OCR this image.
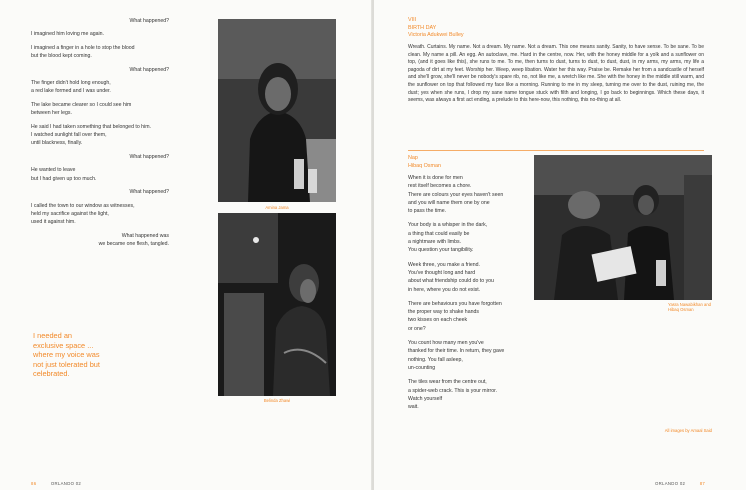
What happened?

I imagined him loving me again.

I imagined a finger in a hole to stop the blood

but the blood kept coming.

What happened?

The finger didn't hold long enough,

a red lake formed and I was under.

The lake became clearer so I could see him

between her legs.

He said I had taken something that belonged to him.

I watched sunlight fall over them,

until blackness, finally.

What happened?

He wanted to leave

but I had given up too much.

What happened?

I called the town to our window as witnesses,

held my sacrifice against the light,

used it against him.

What happened was

we became one flesh, tangled.

I needed an exclusive space ... where my voice was not just tolerated but celebrated.
Amina Jama
Belinda Zhawi
86	ORLANDO 02
VIII
BIRTH DAY
Victoria Adukwei Bulley
Wreath. Curtains. My name. Not a dream. My name. Not a dream. This one means sanity. Sanity, to have sense. To be sane. To be clean. My name a pill. An egg. An autoclave, me. Hard in the centre, now. Her, with the honey middle for a yolk and a sunflower on top, (and it goes like this), she runs to me. To me, then turns to dust, turns to dust, to dust, dust, in my arms, my arms, my life a pagoda of dirt at my feet. Worship her. Weep, weep libation. Water her this way. Praise be. Remake her from a sandcastle of herself and she'll grow, she'll never be nobody's spare rib, no, not like me, a wretch like me. She with the honey in the middle still warm, and the sunflower on top that followed my face like a morning. Running to me in my sleep, turning me over to the dust, ruining me, the dust; yes when she runs, I drop my sane name tongue stuck with filth and longing, I go back to beginnings. Which these days, it seems, was always a first act ending, a prelude to this here-now, this nothing, this no-thing at all.
Nap
Hibaq Osman

When it is done for men

rest itself becomes a chore.

There are colours your eyes haven't seen

and you will name them one by one

to pass the time.

Your body is a whisper in the dark,

a thing that could easily be

a nightmare with limbs.

You question your tangibility.

Week three, you make a friend.

You've thought long and hard

about what friendship could do to you

in here, where you do not exist.

There are behaviours you have forgotten

the proper way to shake hands

two kisses on each cheek

or one?

You count how many men you've

thanked for their time. In return, they gave

nothing. You fall asleep,

un-counting

The tiles wear from the centre out,

a spider-web crack. This is your mirror.

Watch yourself

wait.

Yasra Nawabikhan and Hibaq Osman
All images by Amaal Said
ORLANDO 02	87
